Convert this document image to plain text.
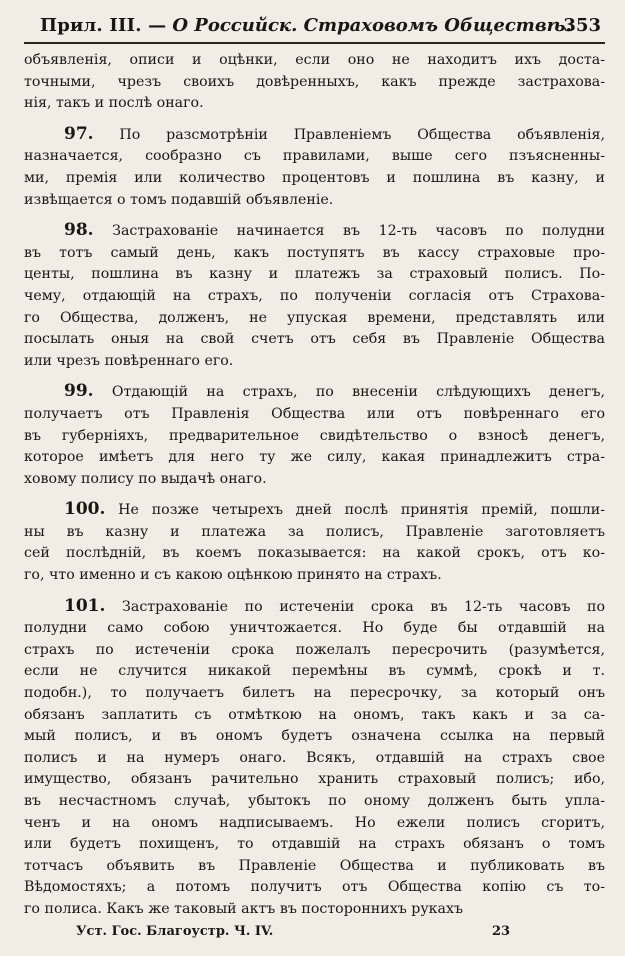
Прил. III. — О Российск. Страховомъ Обществѣ.
353

объявленія, описи и оцѣнки, если оно не находитъ ихъ доста-
точными, чрезъ своихъ довѣренныхъ, какъ прежде застрахова-
нія, такъ и послѣ онаго.

97. По разсмотрѣніи Правленіемъ Общества объявленія,
назначается, сообразно съ правилами, выше сего пзъясненны-
ми, премія или количество процентовъ и пошлина въ казну, и
извѣщается о томъ подавшій объявленіе.

98. Застрахованіе начинается въ 12-ть часовъ по полудни
въ тотъ самый день, какъ поступятъ въ кассу страховые про-
центы, пошлина въ казну и платежъ за страховый полисъ. По-
чему, отдающій на страхъ, по полученіи согласія отъ Страхова-
го Общества, долженъ, не упуская времени, представлять или
посылать оныя на свой счетъ отъ себя въ Правленіе Общества
или чрезъ повѣреннаго его.

99. Отдающій на страхъ, по внесеніи слѣдующихъ денегъ,
получаетъ отъ Правленія Общества или отъ повѣреннаго его
въ губерніяхъ, предварительное свидѣтельство о взносѣ денегъ,
которое имѣетъ для него ту же силу, какая принадлежитъ стра-
ховому полису по выдачѣ онаго.

100. Не позже четырехъ дней послѣ принятія премій, пошли-
ны въ казну и платежа за полисъ, Правленіе заготовляетъ
сей послѣдній, въ коемъ показывается: на какой срокъ, отъ ко-
го, что именно и съ какою оцѣнкою принято на страхъ.

101. Застрахованіе по истеченіи срока въ 12-ть часовъ по
полудни само собою уничтожается. Но буде бы отдавшій на
страхъ по истеченіи срока пожелалъ пересрочить (разумѣется,
если не случится никакой перемѣны въ суммѣ, срокѣ и т.
подобн.), то получаетъ билетъ на пересрочку, за который онъ
обязанъ заплатить съ отмѣткою на ономъ, такъ какъ и за са-
мый полисъ, и въ ономъ будетъ означена ссылка на первый
полисъ и на нумеръ онаго. Всякъ, отдавшій на страхъ свое
имущество, обязанъ рачительно хранить страховый полисъ; ибо,
въ несчастномъ случаѣ, убытокъ по оному долженъ быть упла-
ченъ и на ономъ надписываемъ. Но ежели полисъ сгоритъ,
или будетъ похищенъ, то отдавшій на страхъ обязанъ о томъ
тотчасъ объявить въ Правленіе Общества и публиковать въ
Вѣдомостяхъ; а потомъ получитъ отъ Общества копію съ то-
го полиса. Какъ же таковый актъ въ постороннихъ рукахъ

Уст. Гос. Благоустр. Ч. IV.	23
